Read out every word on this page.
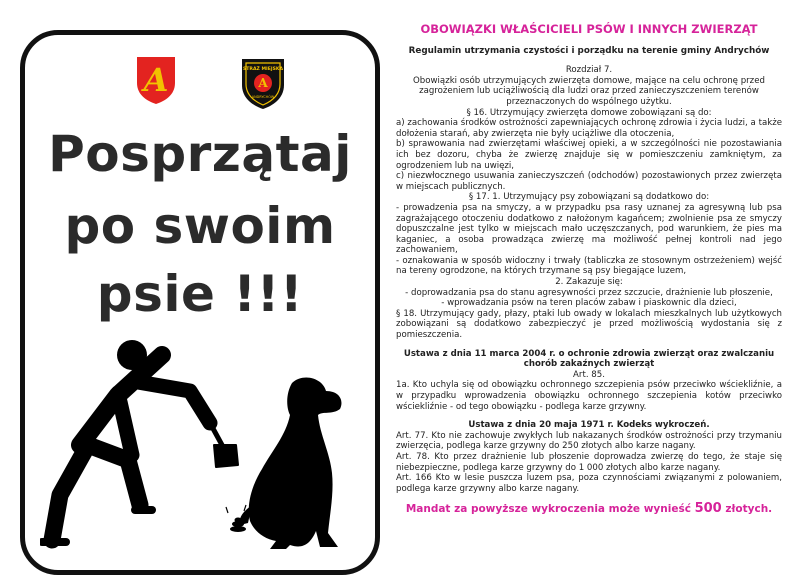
A	A
STRAŻ MIEJSKA
ANDRYCHÓW
Posprzątaj
po swoim
psie !!!
OBOWIĄZKI WŁAŚCICIELI PSÓW I INNYCH ZWIERZĄT
Regulamin utrzymania czystości i porządku na terenie gminy Andrychów
Rozdział 7.
Obowiązki osób utrzymujących zwierzęta domowe, mające na celu ochronę przed zagrożeniem lub uciążliwością dla ludzi oraz przed zanieczyszczeniem terenów przeznaczonych do wspólnego użytku.
§ 16. Utrzymujący zwierzęta domowe zobowiązani są do:
a) zachowania środków ostrożności zapewniających ochronę zdrowia i życia ludzi, a także dołożenia starań, aby zwierzęta nie były uciążliwe dla otoczenia,
b) sprawowania nad zwierzętami właściwej opieki, a w szczególności nie pozostawiania ich bez dozoru, chyba że zwierzę znajduje się w pomieszczeniu zamkniętym, za ogrodzeniem lub na uwięzi,
c) niezwłocznego usuwania zanieczyszczeń (odchodów) pozostawionych przez zwierzęta w miejscach publicznych.
§ 17. 1. Utrzymujący psy zobowiązani są dodatkowo do:
- prowadzenia psa na smyczy, a w przypadku psa rasy uznanej za agresywną lub psa zagrażającego otoczeniu dodatkowo z nałożonym kagańcem; zwolnienie psa ze smyczy dopuszczalne jest tylko w miejscach mało uczęszczanych, pod warunkiem, że pies ma kaganiec, a osoba prowadząca zwierzę ma możliwość pełnej kontroli nad jego zachowaniem,
- oznakowania w sposób widoczny i trwały (tabliczka ze stosownym ostrzeżeniem) wejść na tereny ogrodzone, na których trzymane są psy biegające luzem,
2. Zakazuje się:
- doprowadzania psa do stanu agresywności przez szczucie, drażnienie lub płoszenie,
- wprowadzania psów na teren placów zabaw i piaskownic dla dzieci,
§ 18. Utrzymujący gady, płazy, ptaki lub owady w lokalach mieszkalnych lub użytkowych zobowiązani są dodatkowo zabezpieczyć je przed możliwością wydostania się z pomieszczenia.
Ustawa z dnia 11 marca 2004 r. o ochronie zdrowia zwierząt oraz zwalczaniu chorób zakaźnych zwierząt
Art. 85.
1a. Kto uchyla się od obowiązku ochronnego szczepienia psów przeciwko wściekliźnie, a w przypadku wprowadzenia obowiązku ochronnego szczepienia kotów przeciwko wściekliźnie - od tego obowiązku - podlega karze grzywny.
Ustawa z dnia 20 maja 1971 r. Kodeks wykroczeń.
Art. 77. Kto nie zachowuje zwykłych lub nakazanych środków ostrożności przy trzymaniu zwierzęcia, podlega karze grzywny do 250 złotych albo karze nagany.
Art. 78. Kto przez drażnienie lub płoszenie doprowadza zwierzę do tego, że staje się niebezpieczne, podlega karze grzywny do 1 000 złotych albo karze nagany.
Art. 166 Kto w lesie puszcza luzem psa, poza czynnościami związanymi z polowaniem, podlega karze grzywny albo karze nagany.
Mandat za powyższe wykroczenia może wynieść 500 złotych.
